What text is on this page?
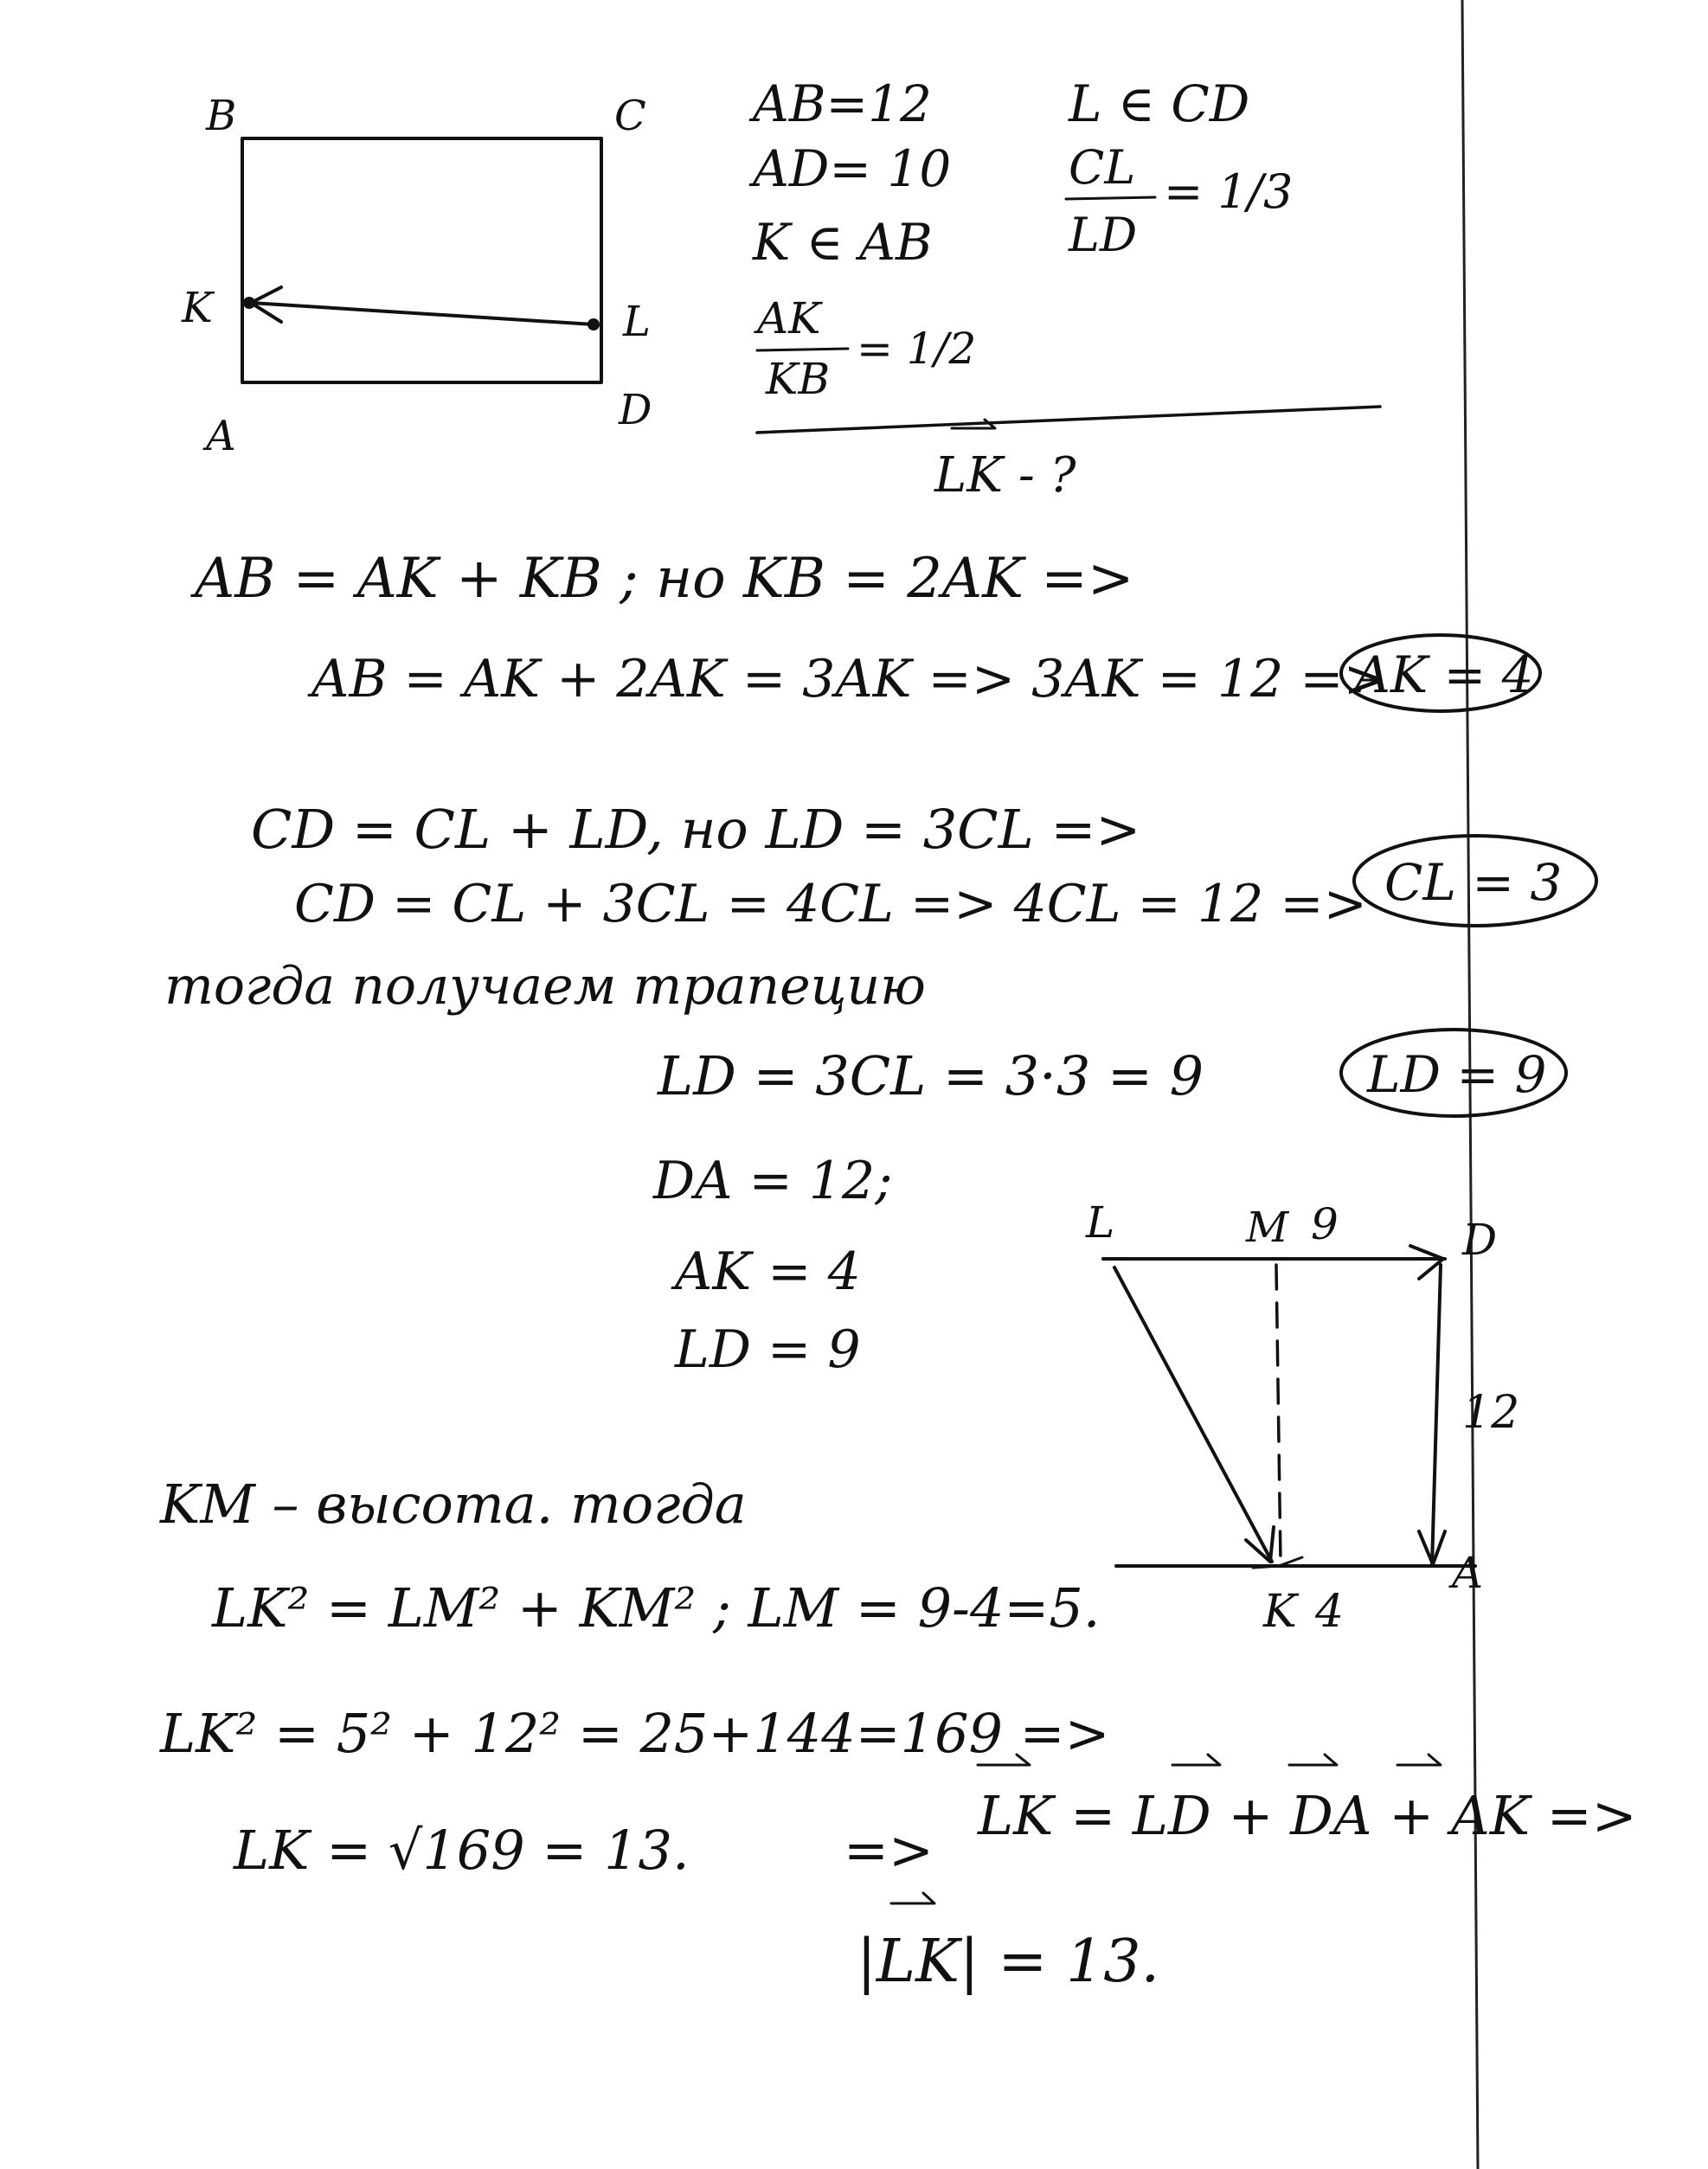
B	C
A
D
K	L
AB=12
AD= 10
K ∈ AB
AK
KB
= 1/2
L ∈ CD
CL
LD
= 1/3
LK - ?
AB = AK + KB ; но KB = 2AK =>
AB = AK + 2AK = 3AK => 3AK = 12 =>
AK = 4
CD = CL + LD, но LD = 3CL =>
CD = CL + 3CL = 4CL => 4CL = 12 => CL = 3
тогда получаем трапецию
LD = 3CL = 3·3 = 9	LD = 9
DA = 12;
AK = 4
LD = 9
KM – высота. тогда
LK² = LM² + KM² ; LM = 9-4=5.
LK² = 5² + 12² = 25+144=169 =>
LK = √169 = 13.	=>
LK = LD + DA + AK =>
|LK| = 13.
L	M 9	D
12
A
K 4
